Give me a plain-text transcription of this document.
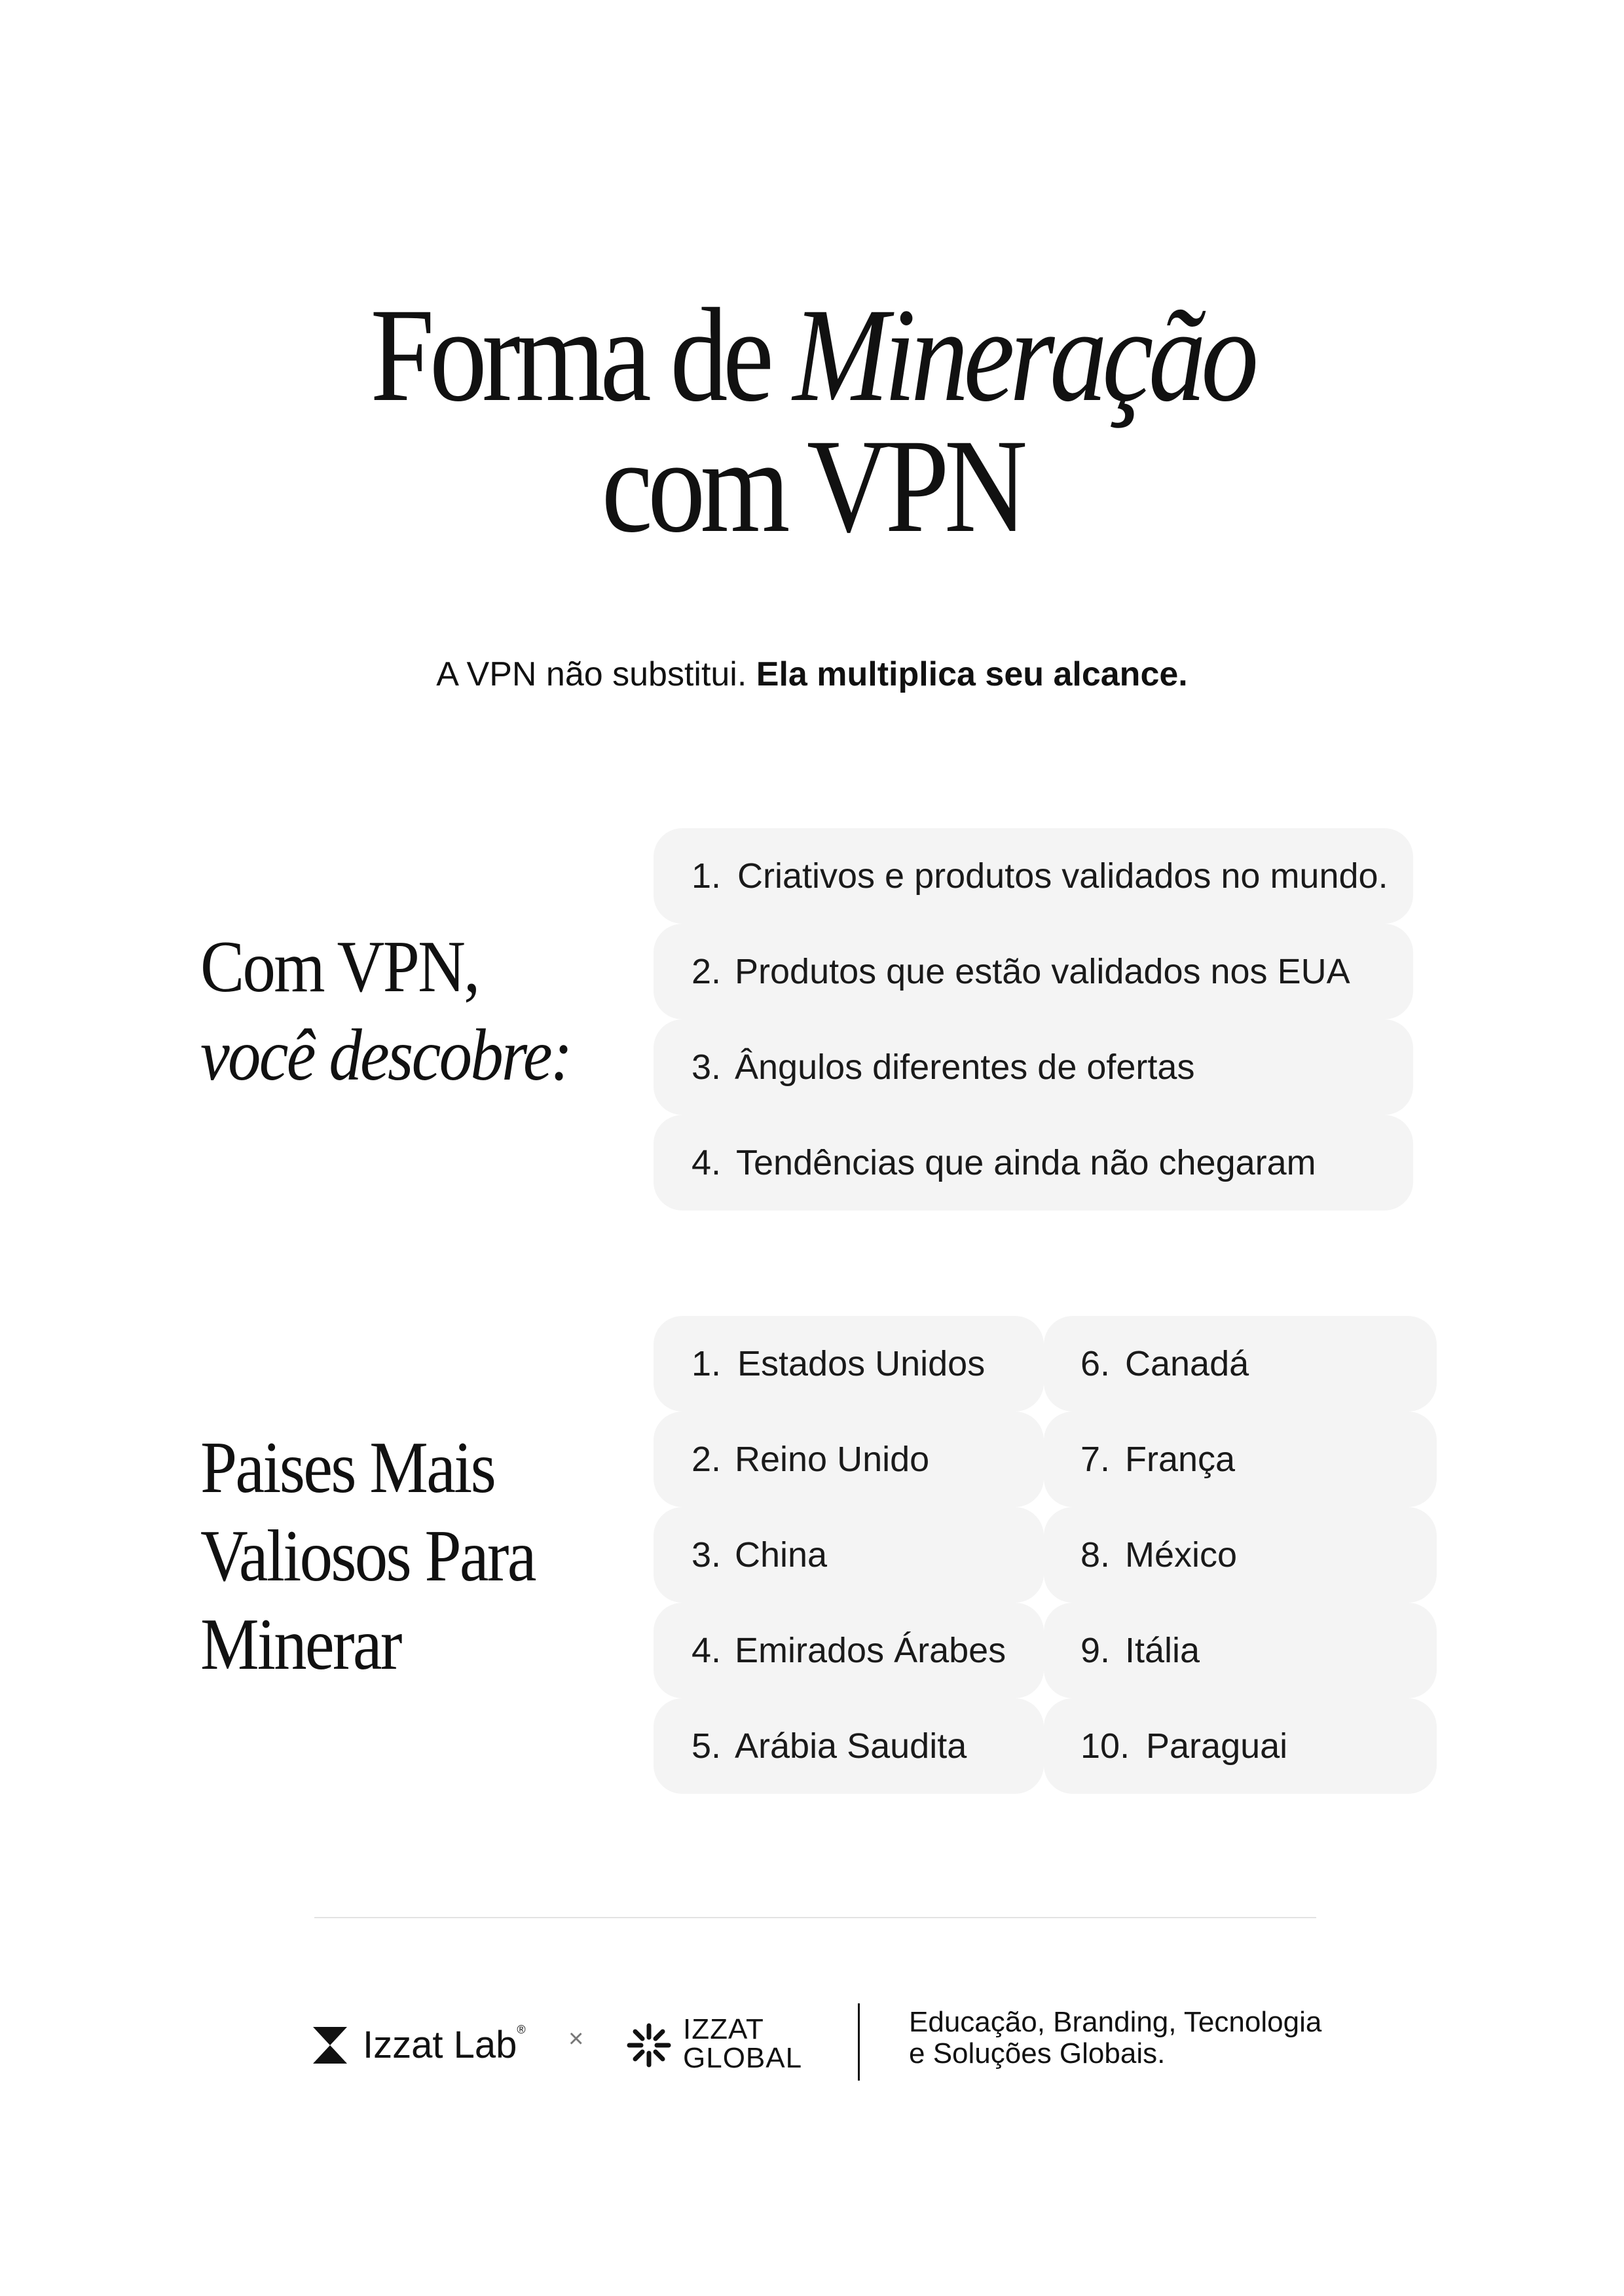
Forma de Mineração
com VPN
A VPN não substitui. Ela multiplica seu alcance.
Com VPN,
você descobre:
1. Criativos e produtos validados no mundo.
2. Produtos que estão validados nos EUA
3. Ângulos diferentes de ofertas
4. Tendências que ainda não chegaram
Paises Mais
Valiosos Para
Minerar
1. Estados Unidos
2. Reino Unido
3. China
4. Emirados Árabes
5. Arábia Saudita
6. Canadá
7. França
8. México
9. Itália
10. Paraguai
Izzat Lab® ×	IZZAT
GLOBAL
Educação, Branding, Tecnologia
e Soluções Globais.
